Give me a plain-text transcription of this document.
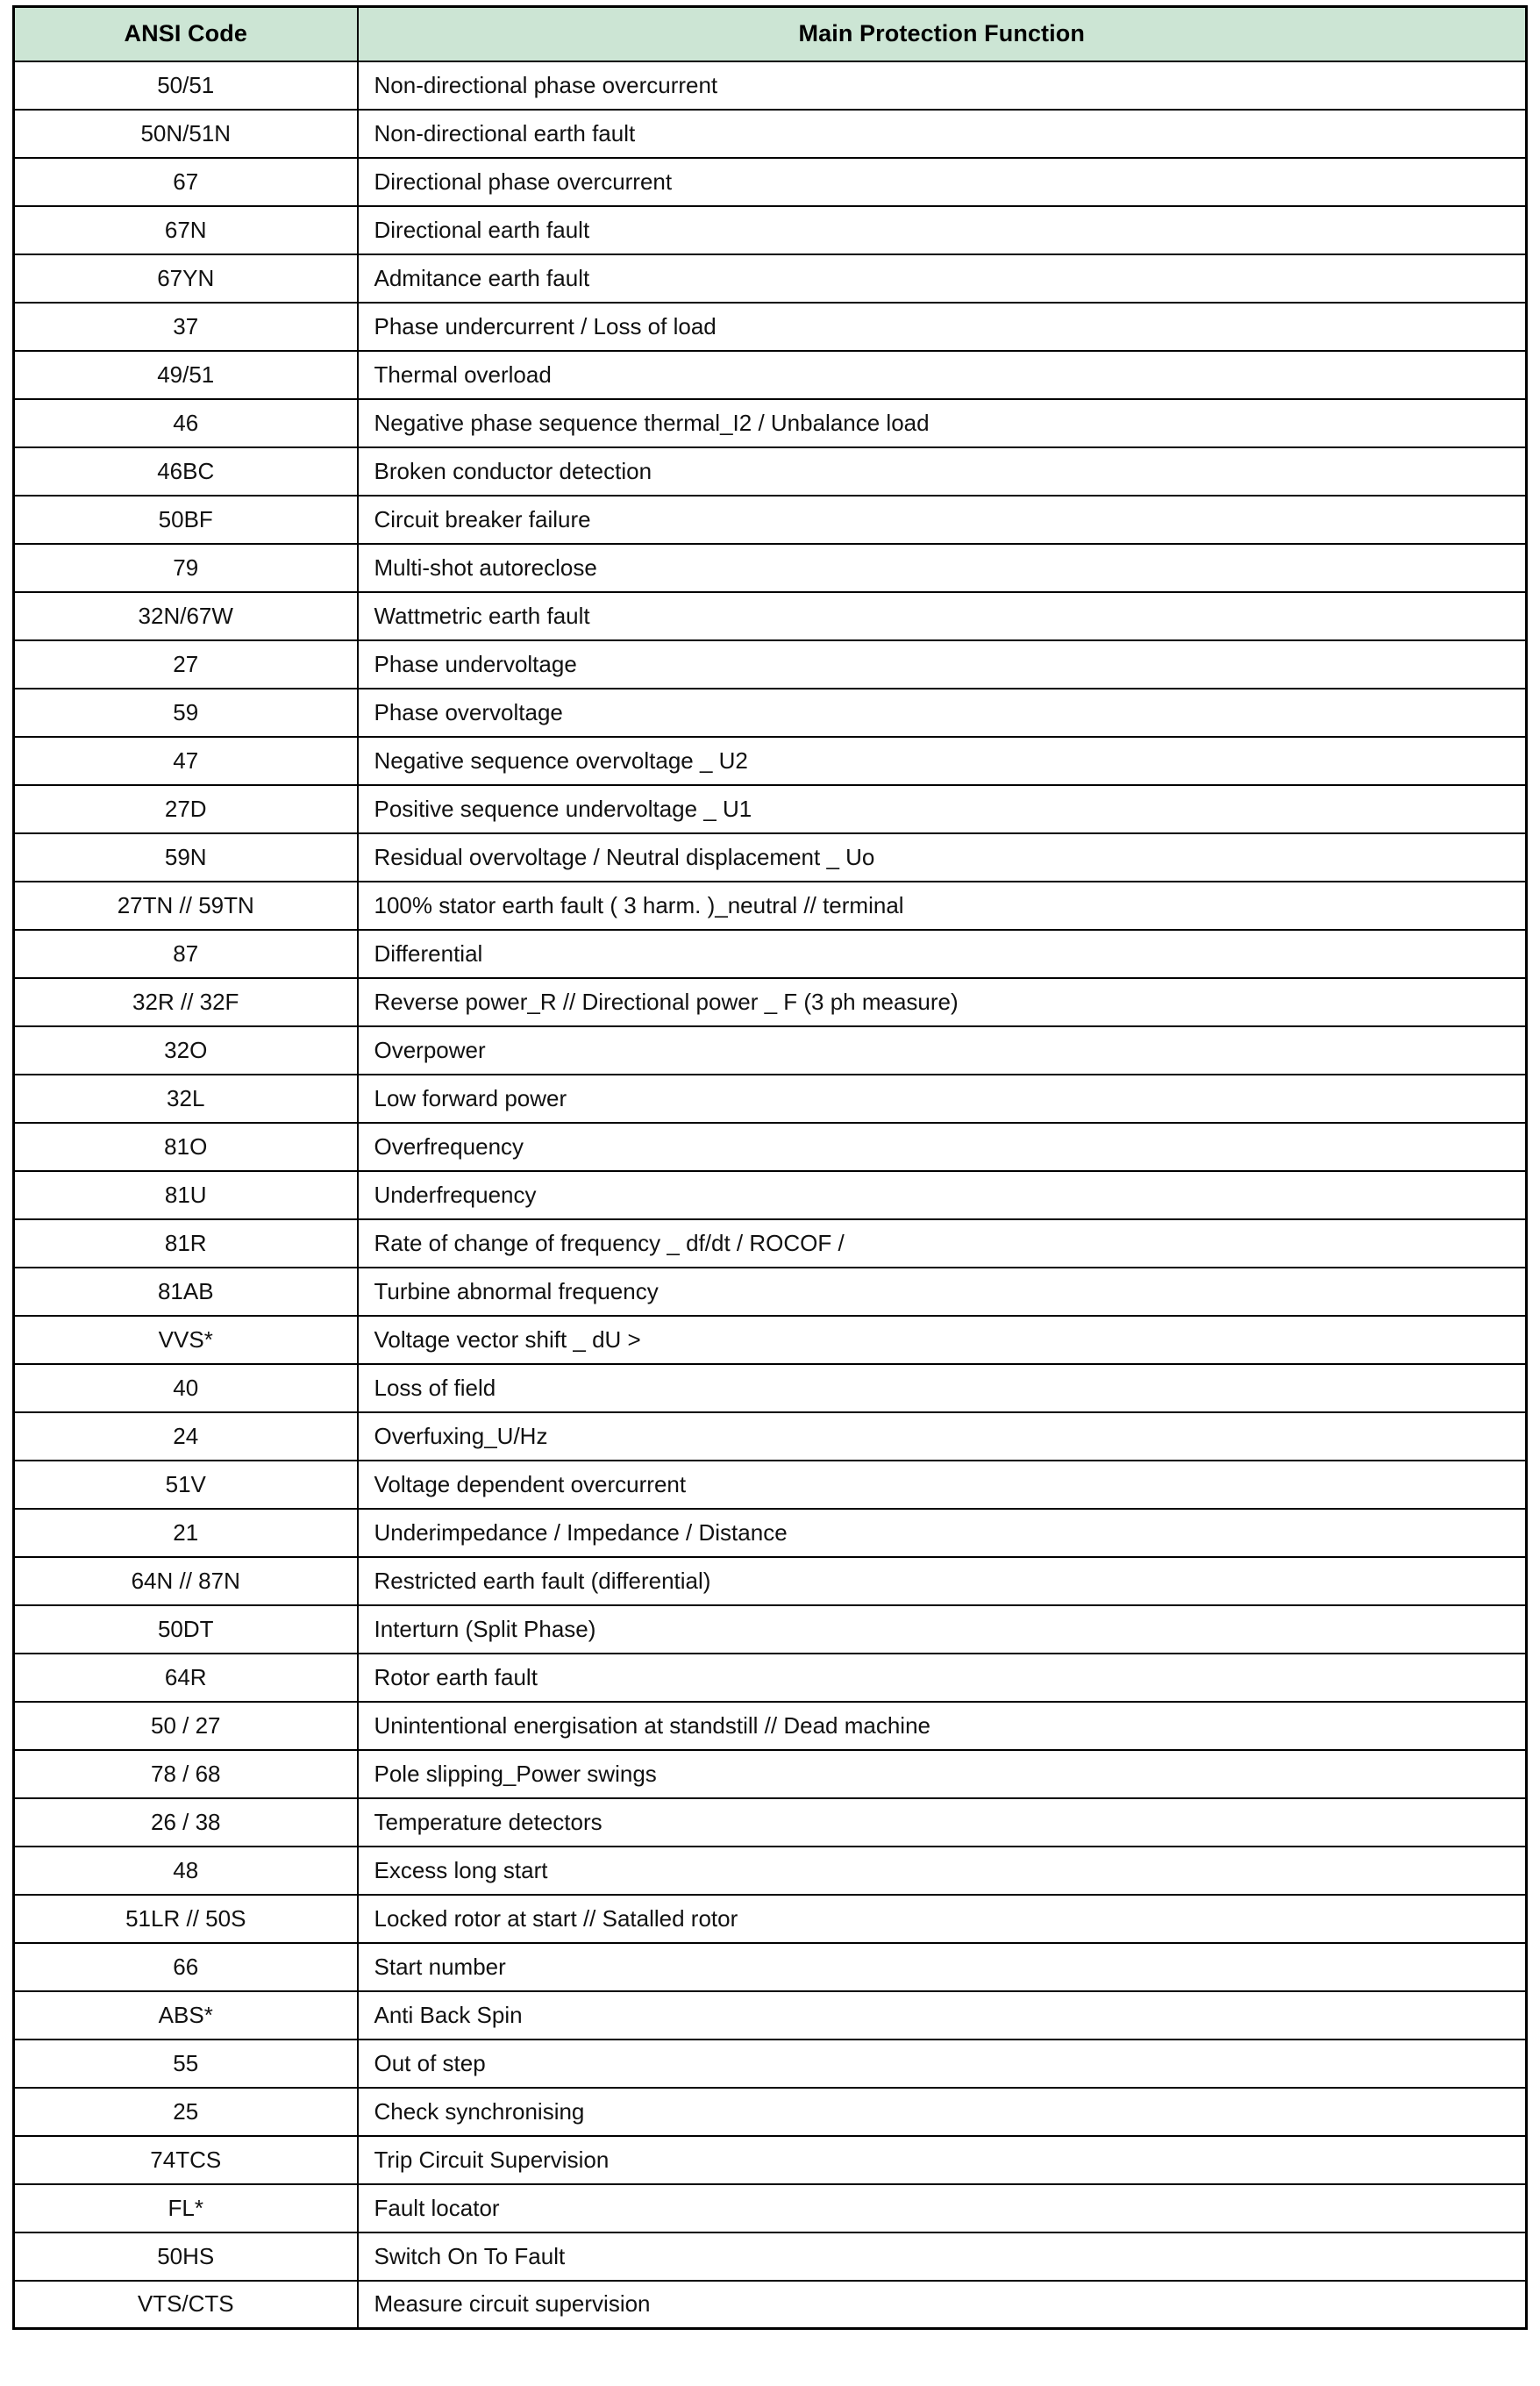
ANSI Code	Main Protection Function
50/51	Non-directional phase overcurrent
50N/51N	Non-directional earth fault
67	Directional phase overcurrent
67N	Directional earth fault
67YN	Admitance earth fault
37	Phase undercurrent / Loss of load
49/51	Thermal overload
46	Negative phase sequence thermal_I2 / Unbalance load
46BC	Broken conductor detection
50BF	Circuit breaker failure
79	Multi-shot autoreclose
32N/67W	Wattmetric earth fault
27	Phase undervoltage
59	Phase overvoltage
47	Negative sequence overvoltage _ U2
27D	Positive sequence undervoltage _ U1
59N	Residual overvoltage / Neutral displacement _ Uo
27TN // 59TN	100% stator earth fault ( 3 harm. )_neutral // terminal
87	Differential
32R // 32F	Reverse power_R // Directional power _ F (3 ph measure)
32O	Overpower
32L	Low forward power
81O	Overfrequency
81U	Underfrequency
81R	Rate of change of frequency _ df/dt / ROCOF /
81AB	Turbine abnormal frequency
VVS*	Voltage vector shift _ dU >
40	Loss of field
24	Overfuxing_U/Hz
51V	Voltage dependent overcurrent
21	Underimpedance / Impedance / Distance
64N // 87N	Restricted earth fault (differential)
50DT	Interturn (Split Phase)
64R	Rotor earth fault
50 / 27	Unintentional energisation at standstill // Dead machine
78 / 68	Pole slipping_Power swings
26 / 38	Temperature detectors
48	Excess long start
51LR // 50S	Locked rotor at start // Satalled rotor
66	Start number
ABS*	Anti Back Spin
55	Out of step
25	Check synchronising
74TCS	Trip Circuit Supervision
FL*	Fault locator
50HS	Switch On To Fault
VTS/CTS	Measure circuit supervision
